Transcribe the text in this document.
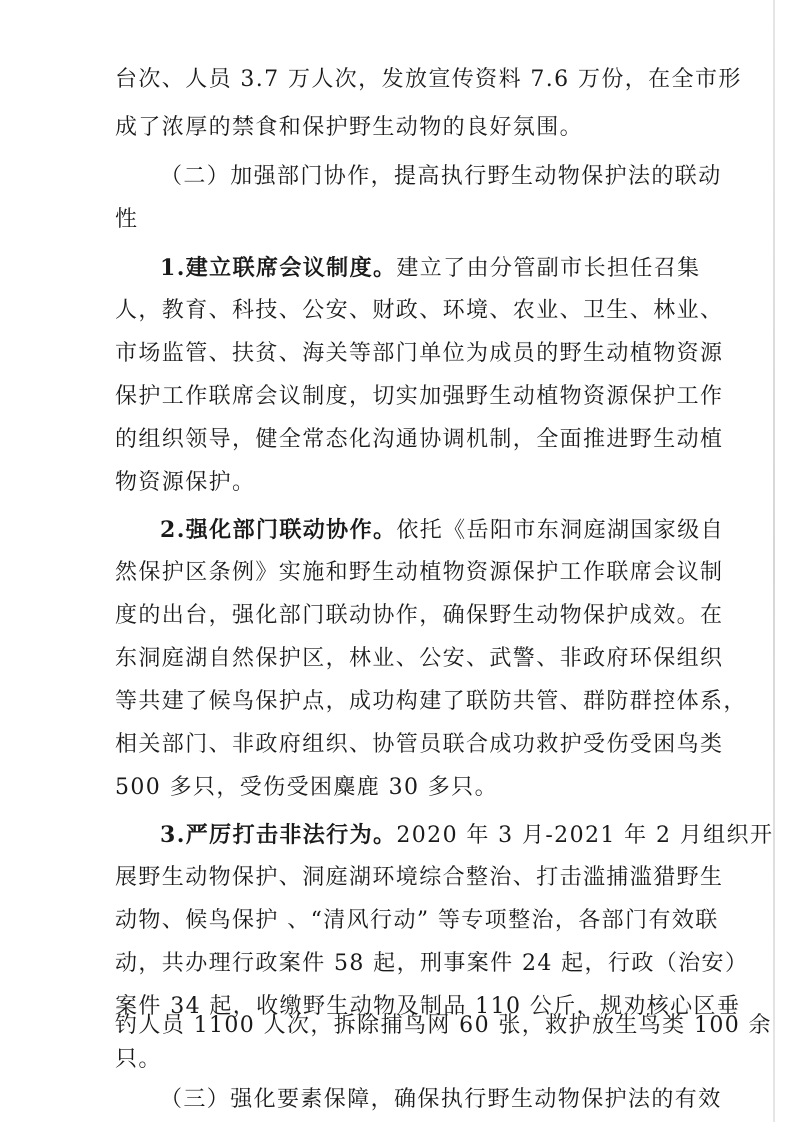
台次、人员 3.7 万人次，发放宣传资料 7.6 万份，在全市形
成了浓厚的禁食和保护野生动物的良好氛围。
（二）加强部门协作，提高执行野生动物保护法的联动
性
1.建立联席会议制度。建立了由分管副市长担任召集
人，教育、科技、公安、财政、环境、农业、卫生、林业、
市场监管、扶贫、海关等部门单位为成员的野生动植物资源
保护工作联席会议制度，切实加强野生动植物资源保护工作
的组织领导，健全常态化沟通协调机制，全面推进野生动植
物资源保护。
2.强化部门联动协作。依托《岳阳市东洞庭湖国家级自
然保护区条例》实施和野生动植物资源保护工作联席会议制
度的出台，强化部门联动协作，确保野生动物保护成效。在
东洞庭湖自然保护区，林业、公安、武警、非政府环保组织
等共建了候鸟保护点，成功构建了联防共管、群防群控体系，
相关部门、非政府组织、协管员联合成功救护受伤受困鸟类
500 多只，受伤受困麋鹿 30 多只。
3.严厉打击非法行为。2020 年 3 月-2021 年 2 月组织开
展野生动物保护、洞庭湖环境综合整治、打击滥捕滥猎野生
动物、候鸟保护 、“清风行动” 等专项整治，各部门有效联
动，共办理行政案件 58 起，刑事案件 24 起，行政（治安）
案件 34 起，收缴野生动物及制品 110 公斤，规劝核心区垂
钓人员 1100 人次，拆除捕鸟网 60 张，救护放生鸟类 100 余
只。
（三）强化要素保障，确保执行野生动物保护法的有效
